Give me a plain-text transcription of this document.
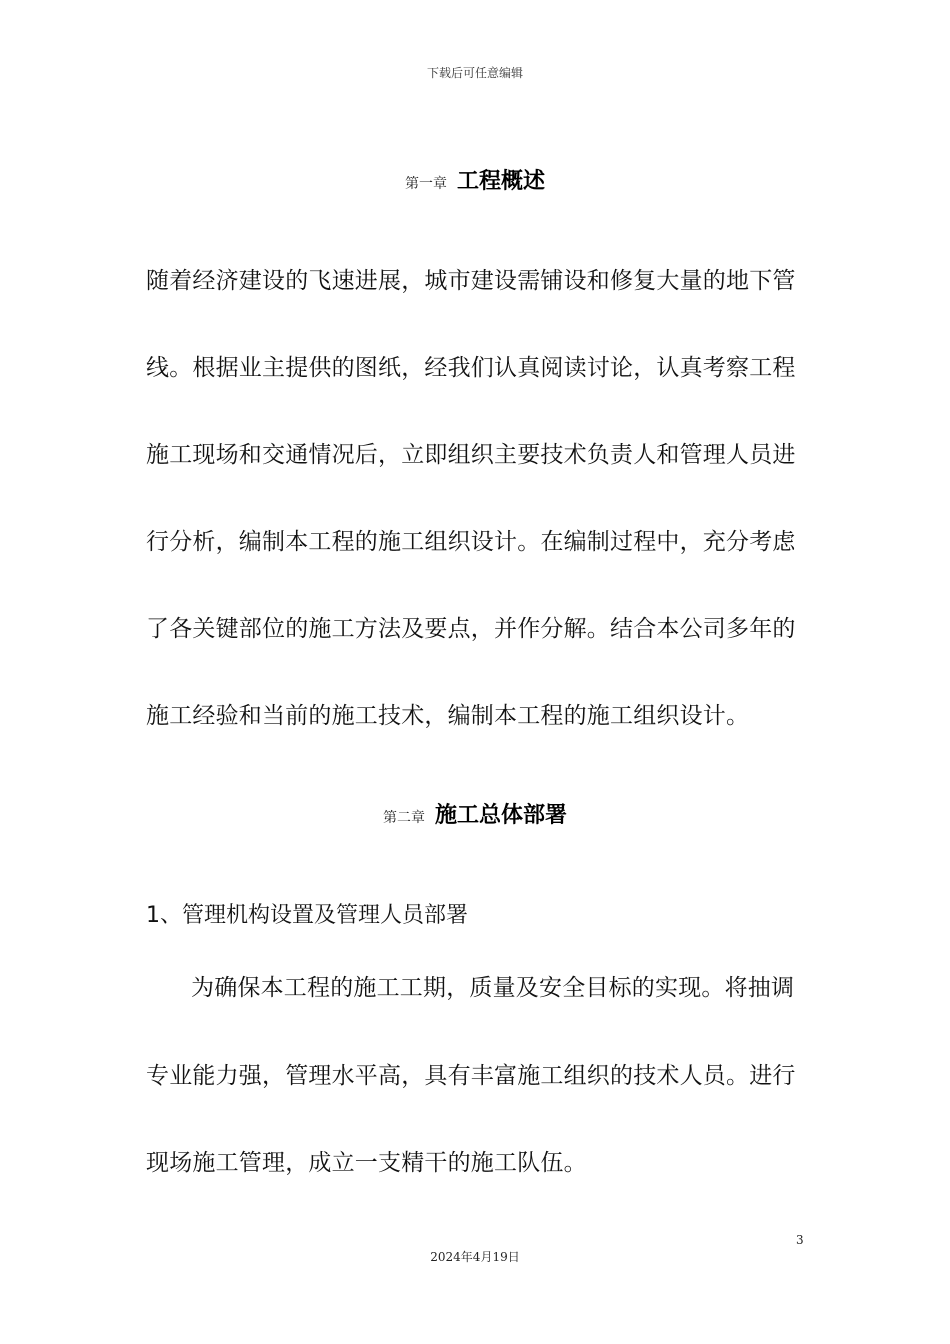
下载后可任意编辑
第一章 工程概述
随着经济建设的飞速进展，城市建设需铺设和修复大量的地下管
线。根据业主提供的图纸，经我们认真阅读讨论，认真考察工程
施工现场和交通情况后，立即组织主要技术负责人和管理人员进
行分析，编制本工程的施工组织设计。在编制过程中，充分考虑
了各关键部位的施工方法及要点，并作分解。结合本公司多年的
施工经验和当前的施工技术，编制本工程的施工组织设计。
第二章 施工总体部署
1、管理机构设置及管理人员部署
为确保本工程的施工工期，质量及安全目标的实现。将抽调
专业能力强，管理水平高，具有丰富施工组织的技术人员。进行
现场施工管理，成立一支精干的施工队伍。
3
2024年4月19日
